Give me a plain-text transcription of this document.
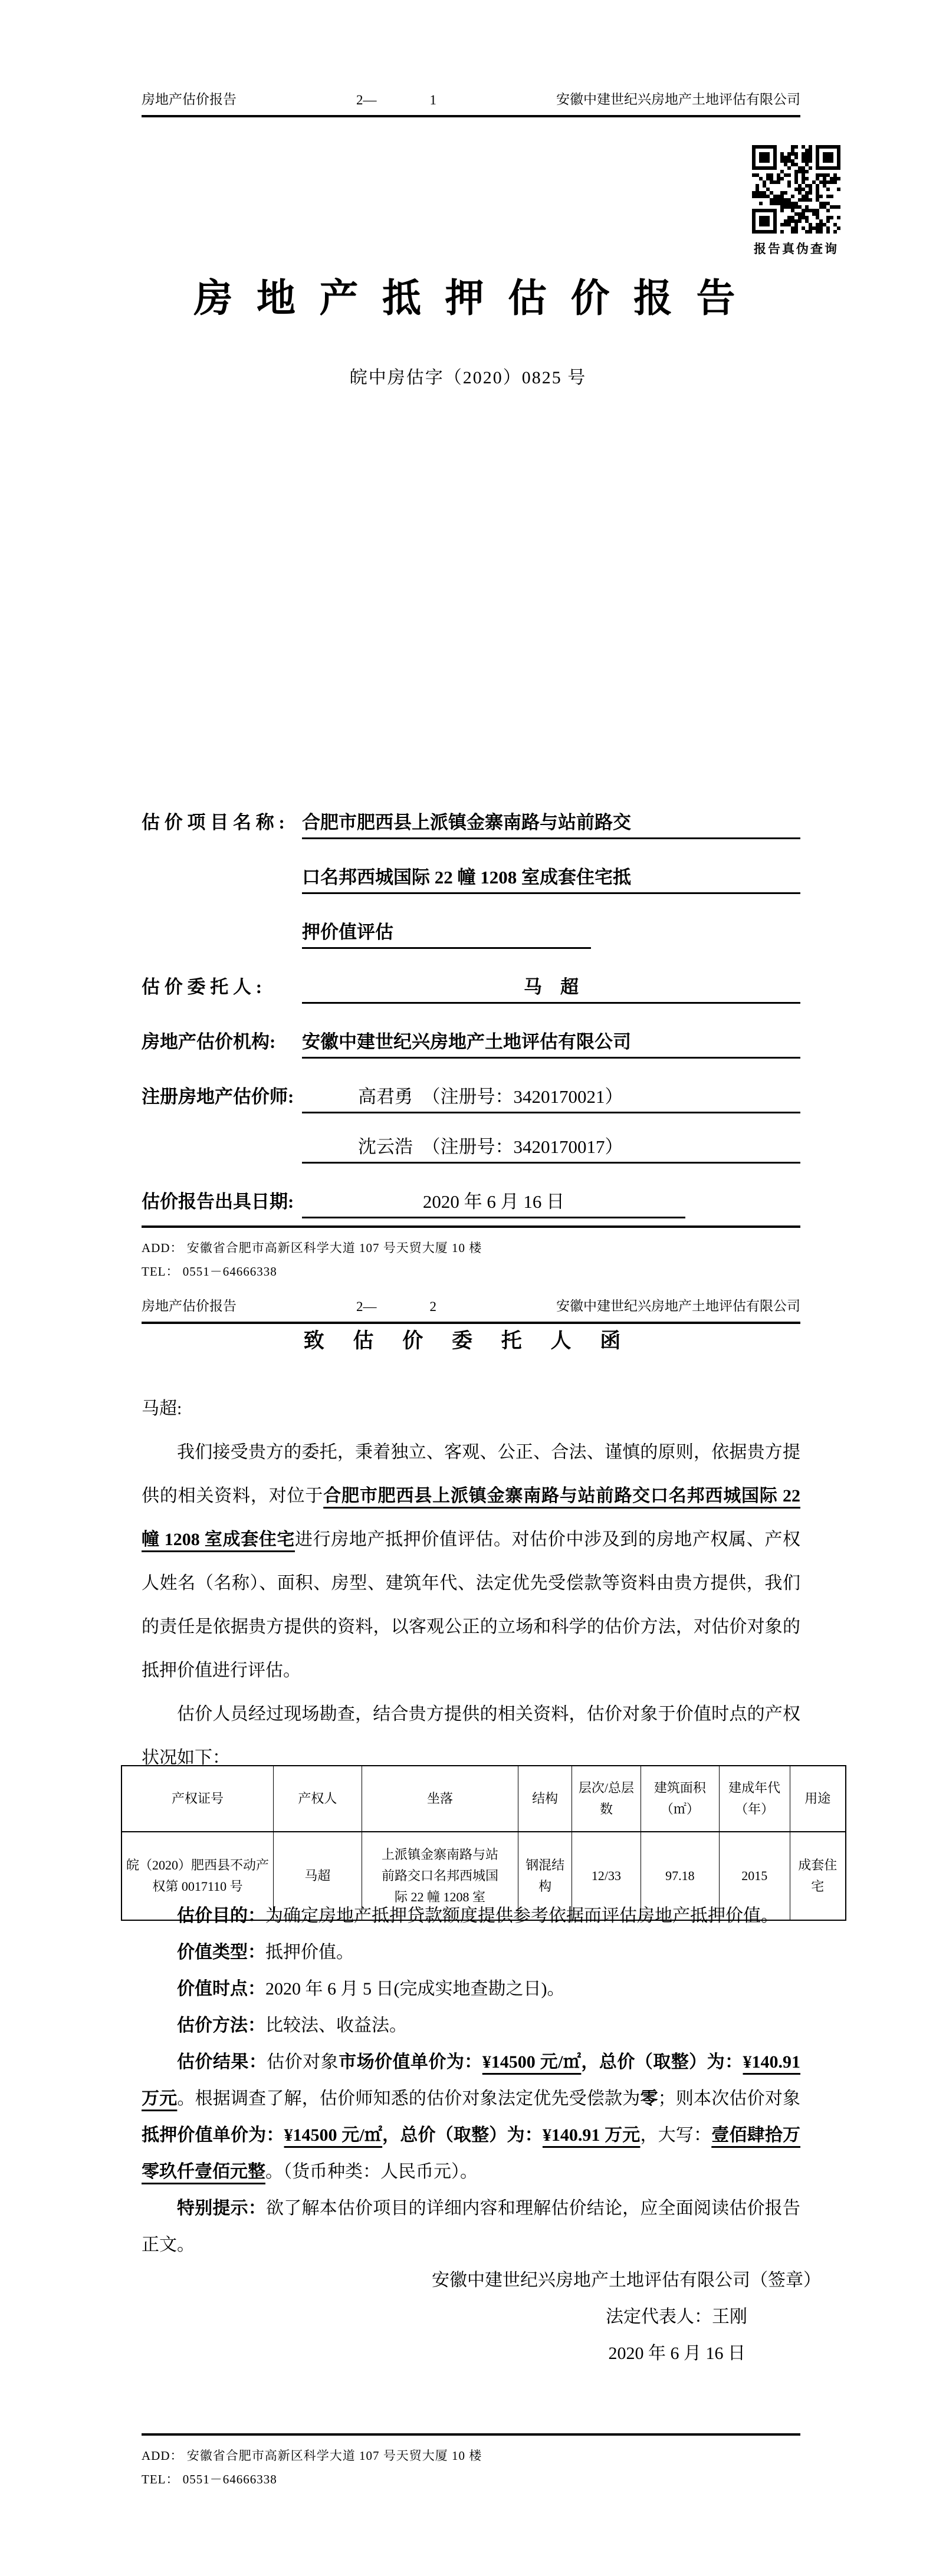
房地产估价报告	2—	1	安徽中建世纪兴房地产土地评估有限公司
报告真伪查询
房 地 产 抵 押 估 价 报 告
皖中房估字（2020）0825 号
估 价 项 目 名 称 : 合肥市肥西县上派镇金寨南路与站前路交
口名邦西城国际 22 幢 1208 室成套住宅抵
押价值评估
估 价 委 托 人 :	马　超
房地产估价机构:	安徽中建世纪兴房地产土地评估有限公司
注册房地产估价师:	高君勇　（注册号：3420170021）
沈云浩　（注册号：3420170017）
估价报告出具日期:	2020 年 6 月 16 日
ADD： 安徽省合肥市高新区科学大道 107 号天贸大厦 10 楼
TEL： 0551－64666338
房地产估价报告	2—	2	安徽中建世纪兴房地产土地评估有限公司
致 估 价 委 托 人 函
马超:

我们接受贵方的委托，秉着独立、客观、公正、合法、谨慎的原则，依据贵方提供的相关资料，对位于合肥市肥西县上派镇金寨南路与站前路交口名邦西城国际 22 幢 1208 室成套住宅进行房地产抵押价值评估。对估价中涉及到的房地产权属、产权人姓名（名称）、面积、房型、建筑年代、法定优先受偿款等资料由贵方提供，我们的责任是依据贵方提供的资料，以客观公正的立场和科学的估价方法，对估价对象的抵押价值进行评估。

估价人员经过现场勘查，结合贵方提供的相关资料，估价对象于价值时点的产权状况如下：

产权证号	产权人	坐落	结构	层次/总层数	建筑面积（㎡）	建成年代（年）	用途
皖（2020）肥西县不动产权第 0017110 号	马超	上派镇金寨南路与站前路交口名邦西城国际 22 幢 1208 室	钢混结构	12/33	97.18	2015	成套住宅
估价目的：为确定房地产抵押贷款额度提供参考依据而评估房地产抵押价值。
价值类型：抵押价值。
价值时点：2020 年 6 月 5 日(完成实地查勘之日)。
估价方法：比较法、收益法。

估价结果：估价对象市场价值单价为：¥14500 元/㎡，总价（取整）为：¥140.91 万元。根据调查了解，估价师知悉的估价对象法定优先受偿款为零；则本次估价对象抵押价值单价为：¥14500 元/㎡，总价（取整）为：¥140.91 万元，大写：壹佰肆拾万零玖仟壹佰元整。（货币种类：人民币元）。

特别提示：欲了解本估价项目的详细内容和理解估价结论，应全面阅读估价报告正文。

安徽中建世纪兴房地产土地评估有限公司（签章）
法定代表人：王刚
2020 年 6 月 16 日
ADD： 安徽省合肥市高新区科学大道 107 号天贸大厦 10 楼
TEL： 0551－64666338
